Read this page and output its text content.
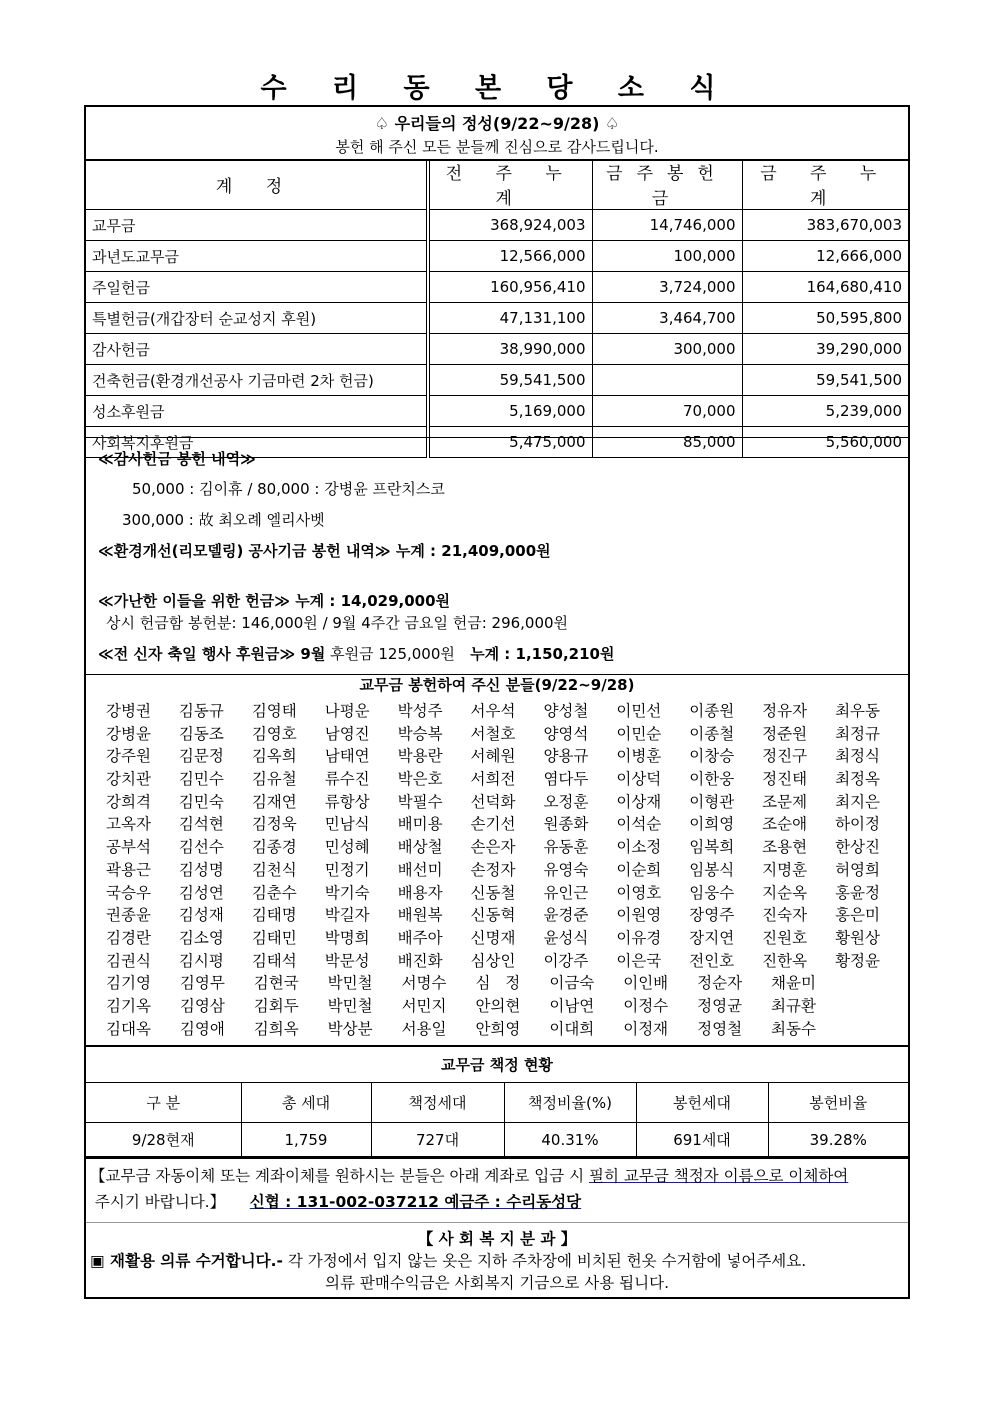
수 리 동 본 당 소 식
♤ 우리들의 정성(9/22~9/28) ♤
봉헌 해 주신 모든 분들께 진심으로 감사드립니다.
계 정	전 주 누 계	금주봉헌금	금 주 누 계
교무금	368,924,003	14,746,000	383,670,003
과년도교무금	12,566,000	100,000	12,666,000
주일헌금	160,956,410	3,724,000	164,680,410
특별헌금(개갑장터 순교성지 후원)	47,131,100	3,464,700	50,595,800
감사헌금	38,990,000	300,000	39,290,000
건축헌금(환경개선공사 기금마련 2차 헌금)	59,541,500		59,541,500
성소후원금	5,169,000	70,000	5,239,000
사회복지후원금	5,475,000	85,000	5,560,000
≪감사헌금 봉헌 내역≫
50,000 : 김이휴 / 80,000 : 강병윤 프란치스코
300,000 : 故 최오례 엘리사벳
≪환경개선(리모델링) 공사기금 봉헌 내역≫ 누계 : 21,409,000원
≪가난한 이들을 위한 헌금≫ 누계 : 14,029,000원
상시 헌금함 봉헌분: 146,000원 / 9월 4주간 금요일 헌금: 296,000원
≪전 신자 축일 행사 후원금≫ 9월 후원금 125,000원   누계 : 1,150,210원
교무금 봉헌하여 주신 분들(9/22~9/28)
강병권	김동규	김영태	나평운	박성주	서우석	양성철	이민선	이종원	정유자	최우동
강병윤	김동조	김영호	남영진	박승복	서철호	양영석	이민순	이종철	정준원	최정규
강주원	김문정	김옥희	남태연	박용란	서혜원	양용규	이병훈	이창승	정진구	최정식
강치관	김민수	김유철	류수진	박은호	서희전	염다두	이상덕	이한웅	정진태	최정옥
강희격	김민숙	김재연	류항상	박필수	선덕화	오정훈	이상재	이형관	조문제	최지은
고옥자	김석현	김정욱	민남식	배미용	손기선	원종화	이석순	이희영	조순애	하이정
공부석	김선수	김종경	민성혜	배상철	손은자	유동훈	이소정	임복희	조용현	한상진
곽용근	김성명	김천식	민정기	배선미	손정자	유영숙	이순희	임봉식	지명훈	허영희
국승우	김성연	김춘수	박기숙	배용자	신동철	유인근	이영호	임웅수	지순옥	홍윤정
권종윤	김성재	김태명	박길자	배원복	신동혁	윤경준	이원영	장영주	진숙자	홍은미
김경란	김소영	김태민	박명희	배주아	신명재	윤성식	이유경	장지연	진원호	황원상
김권식	김시평	김태석	박문성	배진화	심상인	이강주	이은국	전인호	진한옥	황정윤
김기영	김영무	김현국	박민철	서명수	심   정	이금숙	이인배	정순자	채윤미
김기옥	김영삼	김회두	박민철	서민지	안의현	이남연	이정수	정영균	최규환
김대옥	김영애	김희옥	박상분	서용일	안희영	이대희	이정재	정영철	최동수
교무금 책정 현황					
구 분	총 세대	책정세대	책정비율(%)	봉헌세대	봉헌비율
9/28현재	1,759	727대	40.31%	691세대	39.28%
【교무금 자동이체 또는 계좌이체를 원하시는 분들은 아래 계좌로 입금 시 필히 교무금 책정자 이름으로 이체하여 주시기 바랍니다.】     신협 : 131-002-037212 예금주 : 수리동성당
【 사 회 복 지 분 과 】
▣ 재활용 의류 수거합니다.- 각 가정에서 입지 않는 옷은 지하 주차장에 비치된 헌옷 수거함에 넣어주세요.
의류 판매수익금은 사회복지 기금으로 사용 됩니다.
